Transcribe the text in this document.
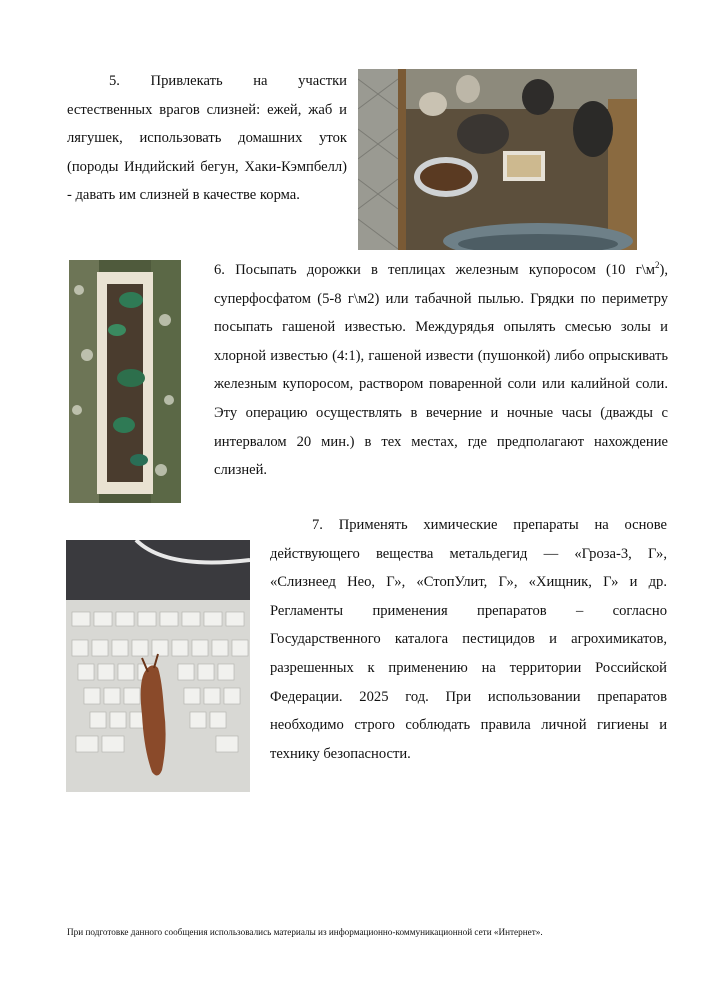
5. Привлекать на участки естественных врагов слизней: ежей, жаб и лягушек, использовать домашних уток (породы Индийский бегун, Хаки-Кэмпбелл) - давать им слизней в качестве корма.

6. Посыпать дорожки в теплицах железным купоросом (10 $г\backslash м^2$), суперфосфатом (5-8 г\м2) или табачной пылью. Грядки по периметру посыпать гашеной известью. Междурядья опылять смесью золы и хлорной известью (4:1), гашеной извести (пушонкой) либо опрыскивать железным купоросом, раствором поваренной соли или калийной соли. Эту операцию осуществлять в вечерние и ночные часы (дважды с интервалом 20 мин.) в тех местах, где предполагают нахождение слизней.

7. Применять химические препараты на основе действующего вещества метальдегид — «Гроза-3, Г», «Слизнеед Нео, Г», «СтопУлит, Г», «Хищник, Г» и др. Регламенты применения препаратов – согласно Государственного каталога пестицидов и агрохимикатов, разрешенных к применению на территории Российской Федерации. 2025 год. При использовании препаратов необходимо строго соблюдать правила личной гигиены и технику безопасности.

При подготовке данного сообщения использовались материалы из информационно-коммуникационной сети «Интернет».
